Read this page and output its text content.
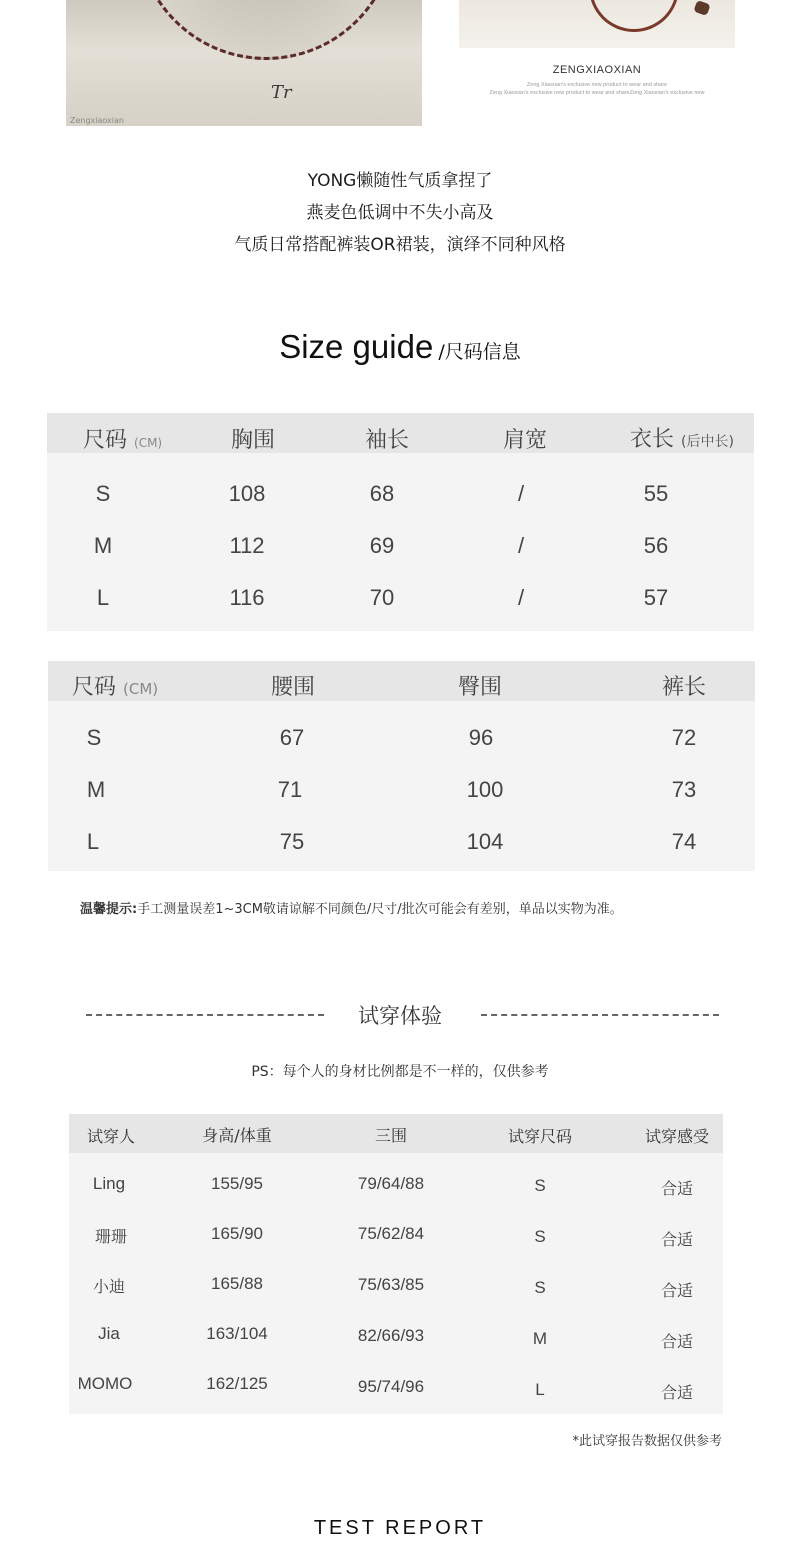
Tr
Zengxiaoxian
ZENGXIAOXIAN
Zeng Xiaoxian's exclusive new product to wear and share
Zeng Xiaoxian's exclusive new product to wear and shareZeng Xiaoxian's exclusive new
YONG懒随性气质拿捏了
燕麦色低调中不失小高及
气质日常搭配裤装OR裙装，演绎不同种风格
Size guide /尺码信息
尺码 (CM)	胸围	袖长	肩宽	衣长 (后中长)
S	108	68	/	55
M	112	69	/	56
L	116	70	/	57
尺码 (CM)	腰围	臀围	裤长
S	67	96	72
M	71	100	73
L	75	104	74
温馨提示:手工测量误差1~3CM敬请谅解不同颜色/尺寸/批次可能会有差别，单品以实物为准。
试穿体验
PS：每个人的身材比例都是不一样的，仅供参考
试穿人	身高/体重	三围	试穿尺码	试穿感受
Ling	155/95	79/64/88	S	合适
珊珊	165/90	75/62/84	S	合适
小迪	165/88	75/63/85	S	合适
Jia	163/104	82/66/93	M	合适
MOMO	162/125	95/74/96	L	合适
*此试穿报告数据仅供参考
TEST REPORT
